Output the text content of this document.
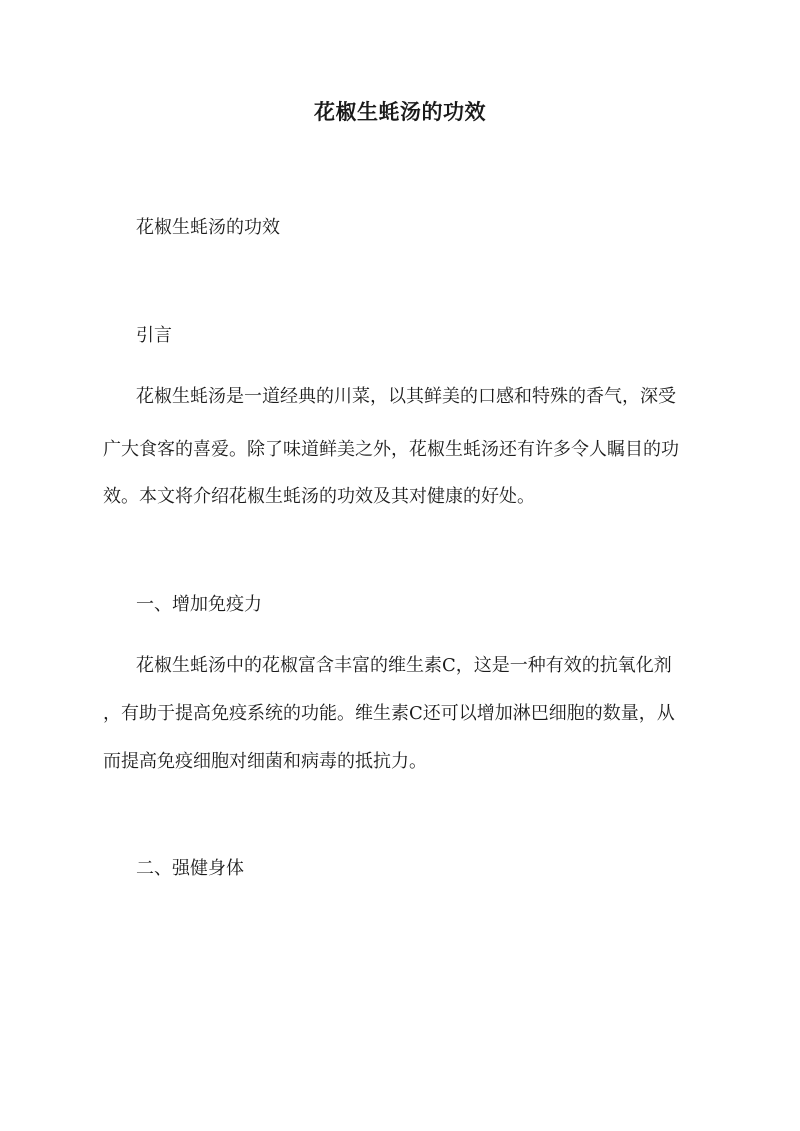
花椒生蚝汤的功效

花椒生蚝汤的功效

引言

花椒生蚝汤是一道经典的川菜，以其鲜美的口感和特殊的香气，深受

广大食客的喜爱。除了味道鲜美之外，花椒生蚝汤还有许多令人瞩目的功

效。本文将介绍花椒生蚝汤的功效及其对健康的好处。

一、增加免疫力

花椒生蚝汤中的花椒富含丰富的维生素C，这是一种有效的抗氧化剂

，有助于提高免疫系统的功能。维生素C还可以增加淋巴细胞的数量，从

而提高免疫细胞对细菌和病毒的抵抗力。

二、强健身体
